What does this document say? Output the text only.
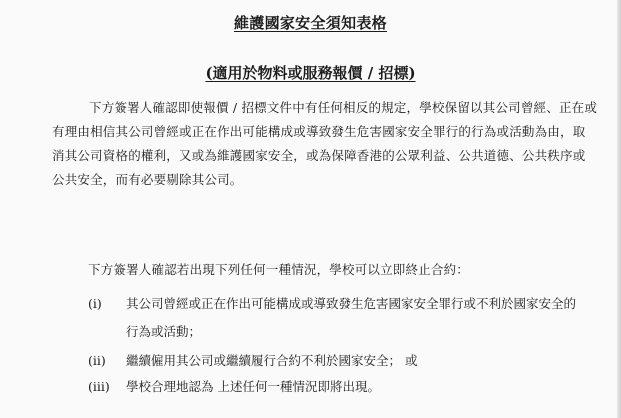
維護國家安全須知表格
(適用於物料或服務報價 / 招標)
下方簽署人確認即使報價 / 招標文件中有任何相反的規定，學校保留以其公司曾經、正在或
有理由相信其公司曾經或正在作出可能構成或導致發生危害國家安全罪行的行為或活動為由，取
消其公司資格的權利，又或為維護國家安全，或為保障香港的公眾利益、公共道德、公共秩序或
公共安全，而有必要剔除其公司。
下方簽署人確認若出現下列任何一種情況，學校可以立即終止合約：
(i) 其公司曾經或正在作出可能構成或導致發生危害國家安全罪行或不利於國家安全的
行為或活動；
(ii) 繼續僱用其公司或繼續履行合約不利於國家安全； 或
(iii) 學校合理地認為 上述任何一種情況即將出現。
